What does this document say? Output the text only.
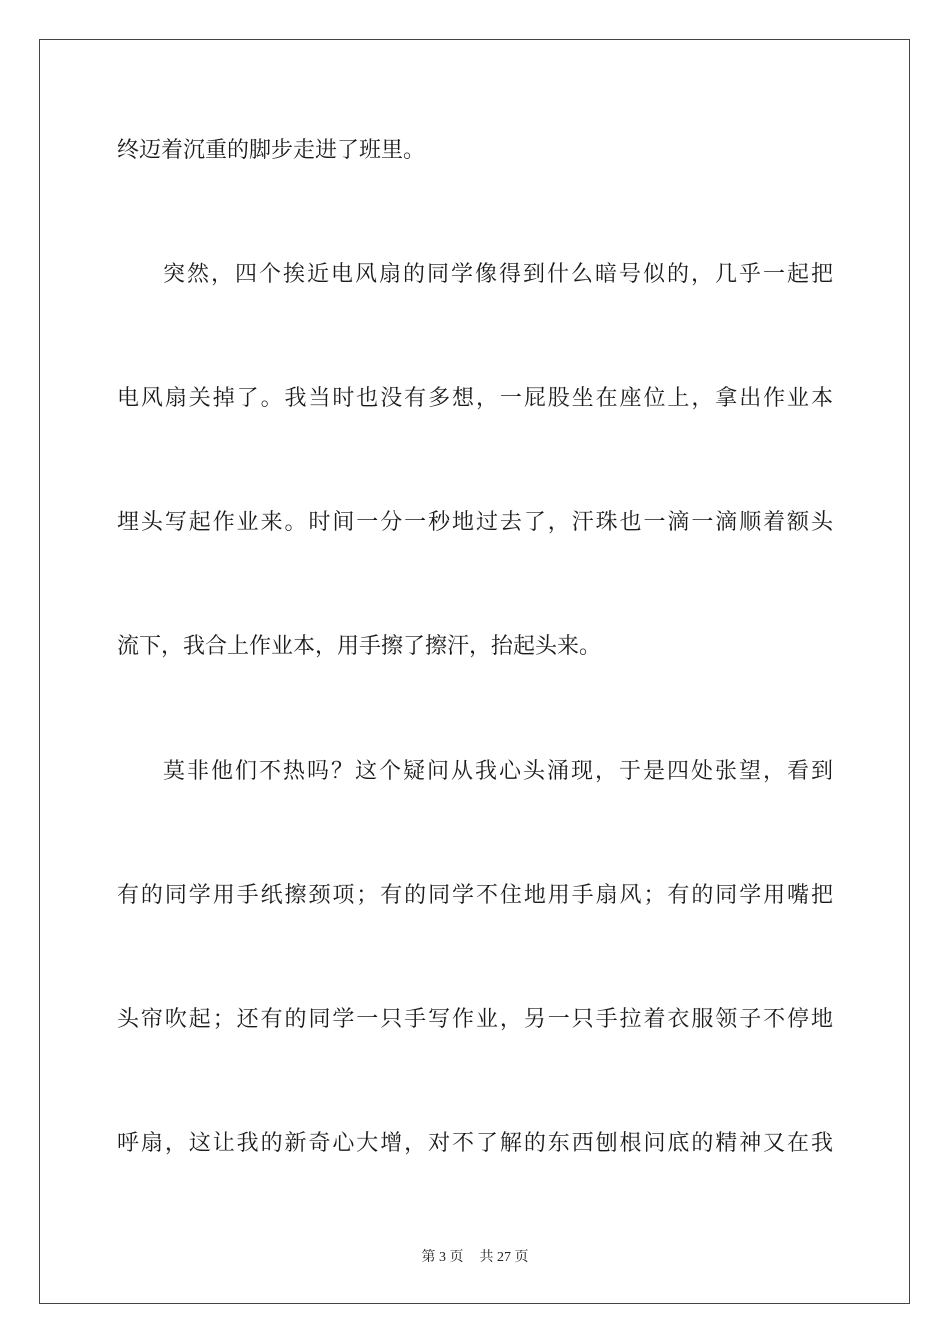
终迈着沉重的脚步走进了班里。
突然，四个挨近电风扇的同学像得到什么暗号似的，几乎一起把
电风扇关掉了。我当时也没有多想，一屁股坐在座位上，拿出作业本
埋头写起作业来。时间一分一秒地过去了，汗珠也一滴一滴顺着额头
流下，我合上作业本，用手擦了擦汗，抬起头来。
莫非他们不热吗？这个疑问从我心头涌现，于是四处张望，看到
有的同学用手纸擦颈项；有的同学不住地用手扇风；有的同学用嘴把
头帘吹起；还有的同学一只手写作业，另一只手拉着衣服领子不停地
呼扇，这让我的新奇心大增，对不了解的东西刨根问底的精神又在我
第 3 页 共 27 页
